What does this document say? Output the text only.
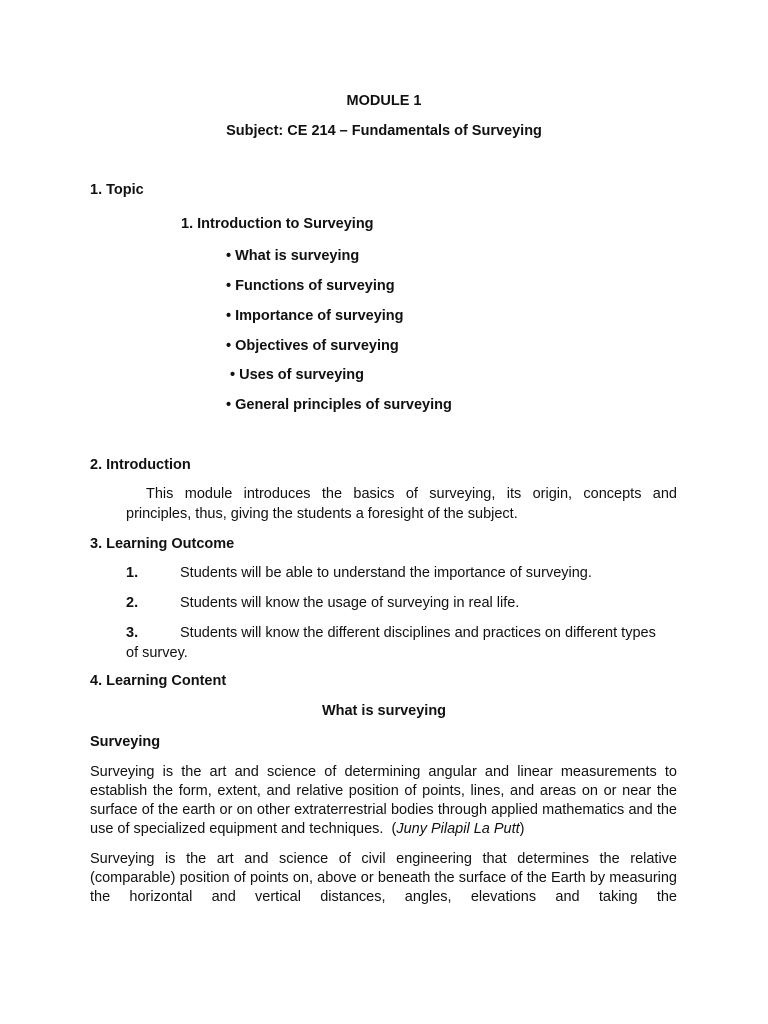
MODULE 1
Subject: CE 214 – Fundamentals of Surveying
1. Topic
1. Introduction to Surveying
• What is surveying
• Functions of surveying
• Importance of surveying
• Objectives of surveying
• Uses of surveying
• General principles of surveying
2. Introduction
This module introduces the basics of surveying, its origin, concepts and
principles, thus, giving the students a foresight of the subject.
3. Learning Outcome
1.	Students will be able to understand the importance of surveying.
2.	Students will know the usage of surveying in real life.
3.	Students will know the different disciplines and practices on different types
of survey.
4. Learning Content
What is surveying
Surveying
Surveying is the art and science of determining angular and linear measurements to establish the form, extent, and relative position of points, lines, and areas on or near the surface of the earth or on other extraterrestrial bodies through applied mathematics and the use of specialized equipment and techniques. (Juny Pilapil La Putt)
Surveying is the art and science of civil engineering that determines the relative (comparable) position of points on, above or beneath the surface of the Earth by measuring the horizontal and vertical distances, angles, elevations and taking the
